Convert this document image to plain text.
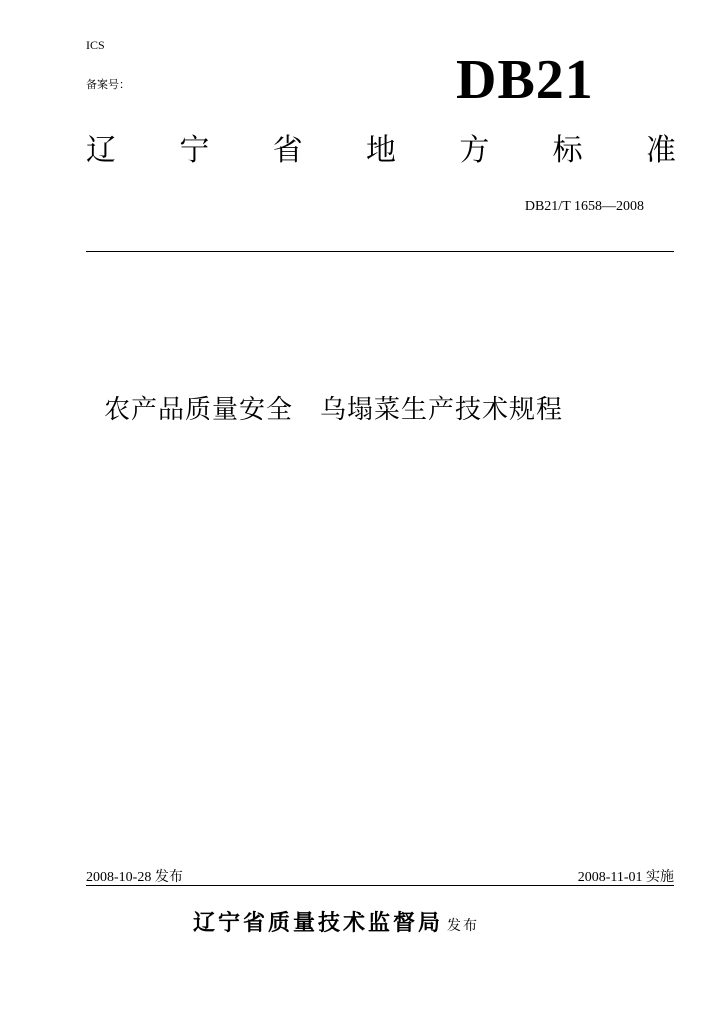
ICS
备案号：	DB21
辽 宁 省 地 方 标 准
DB21/T 1658—2008
农产品质量安全　乌塌菜生产技术规程
2008-10-28 发布	2008-11-01 实施
辽宁省质量技术监督局 发布
